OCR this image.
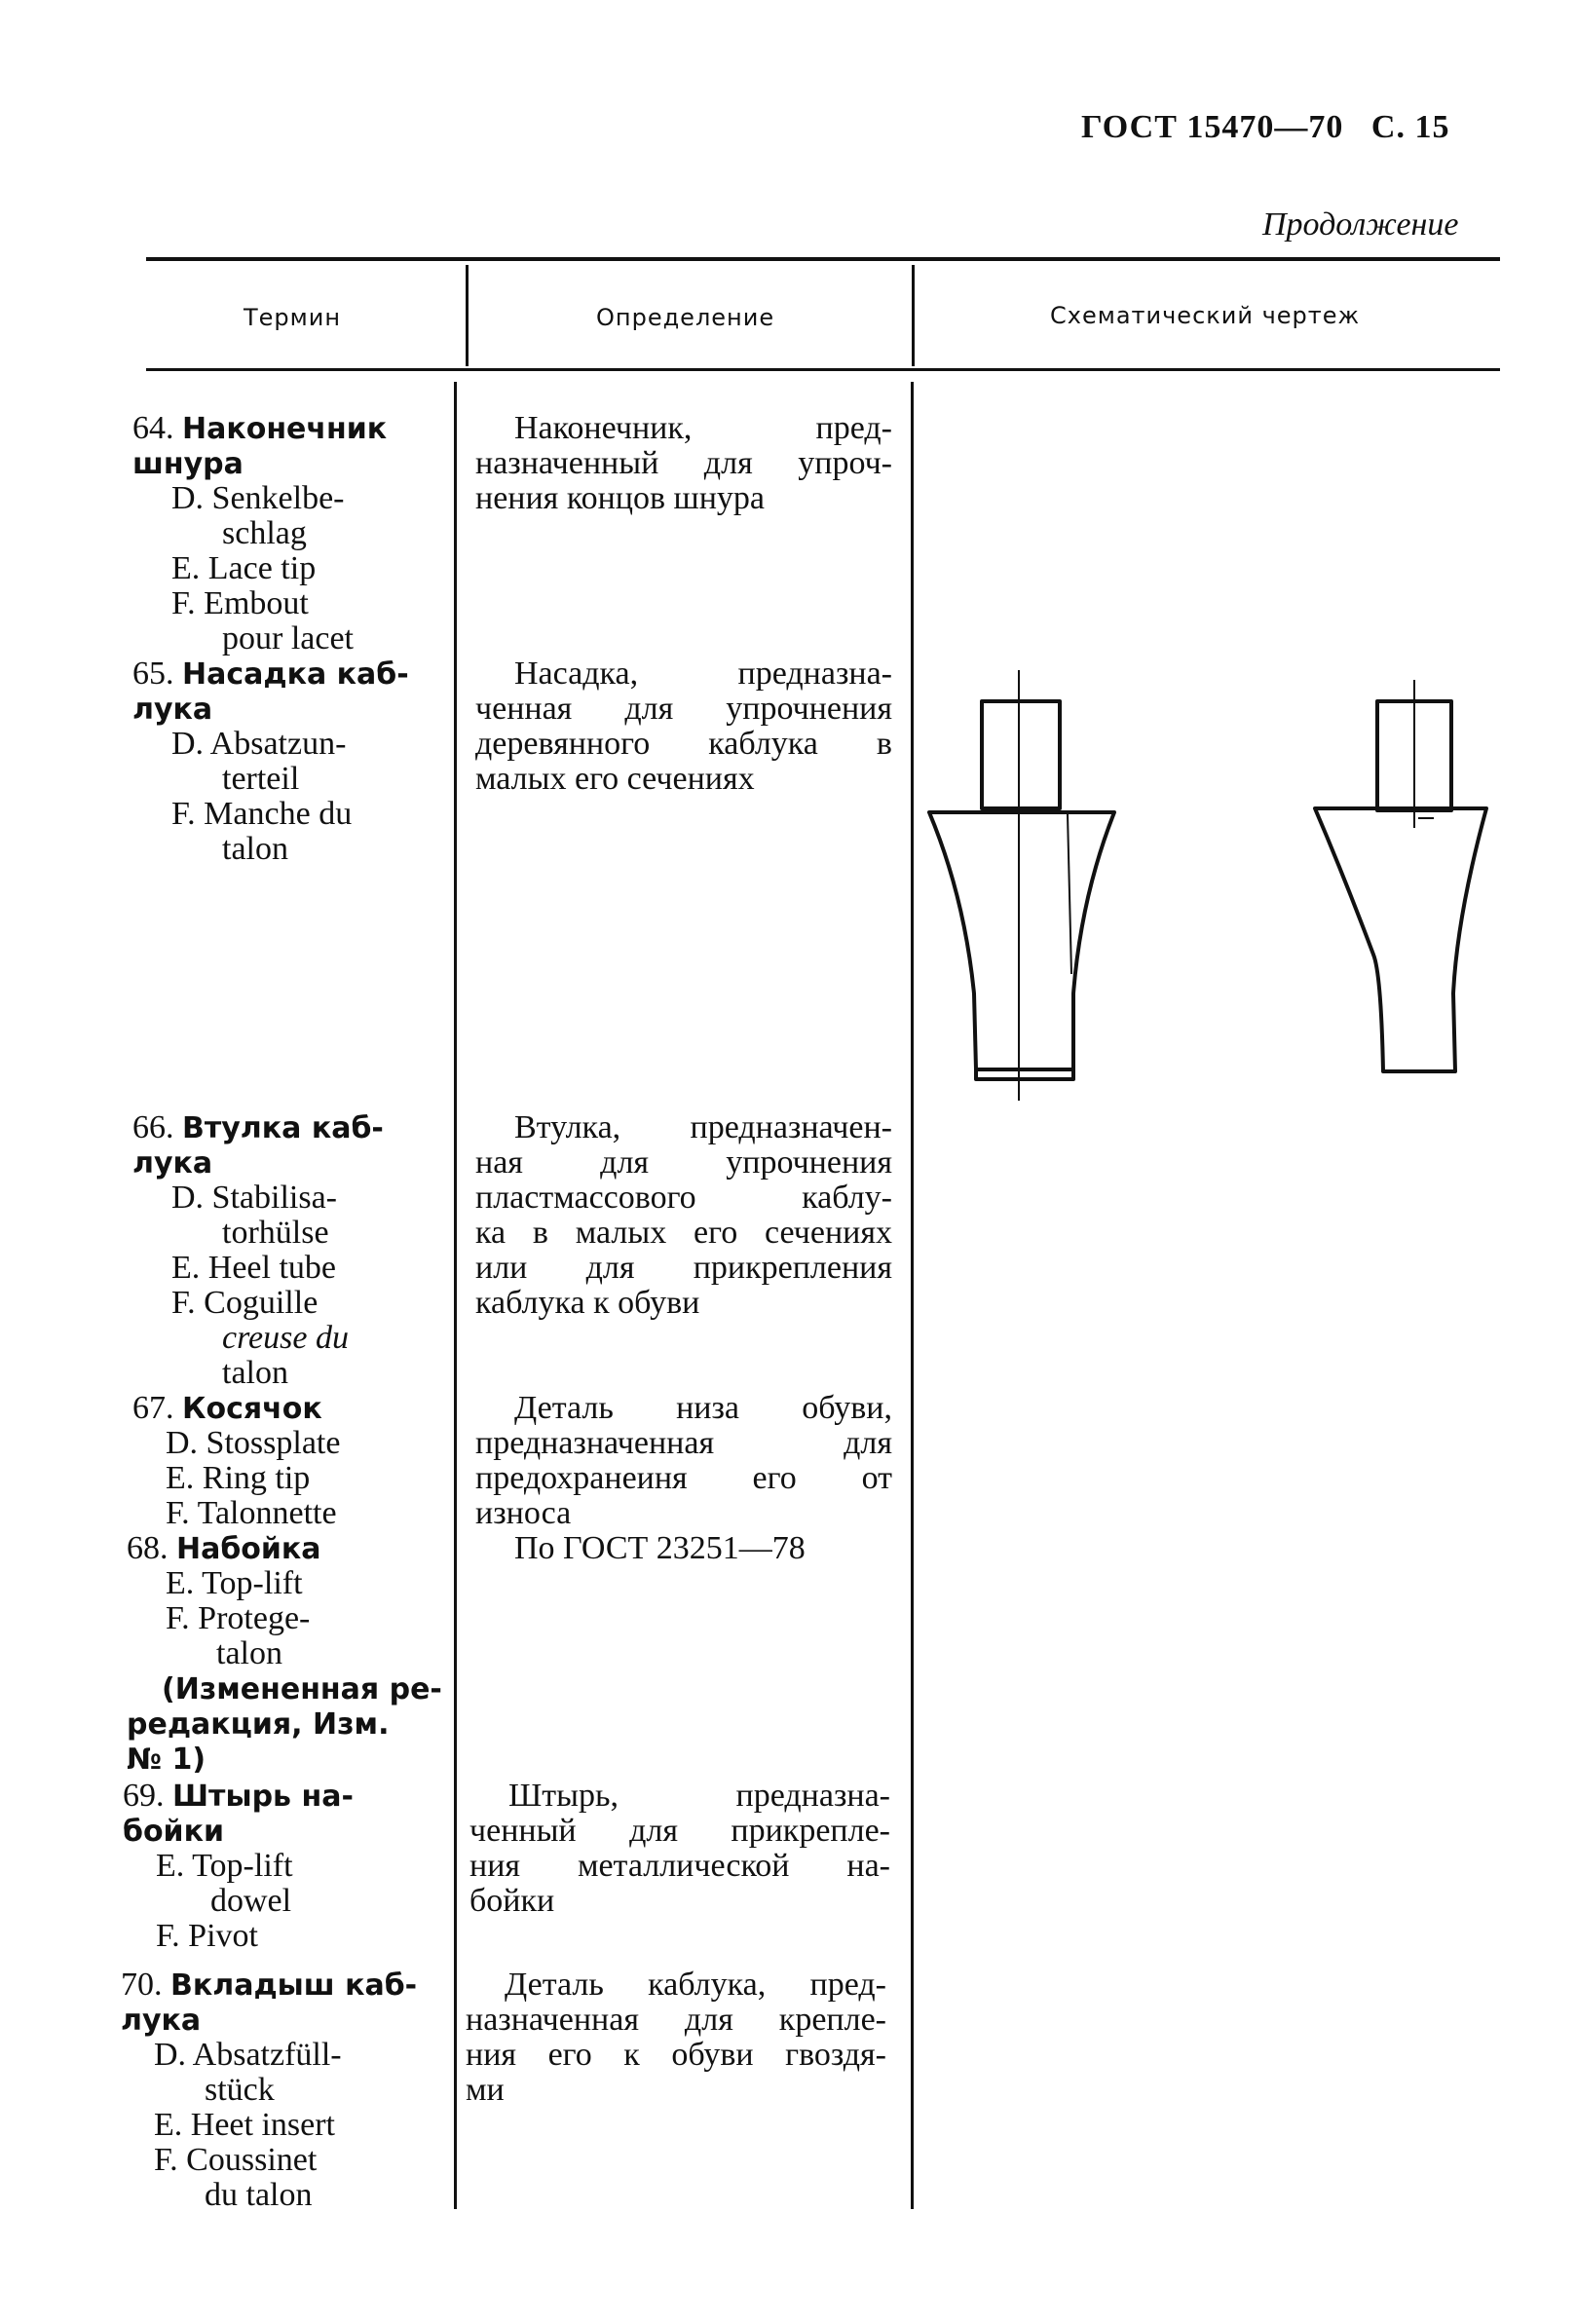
ГОСТ 15470—70 С. 15
Продолжение
Термин	Определение	Схематический чертеж
64. Наконечник
шнура
D. Senkelbe-
schlag
E. Lace tip
F. Embout
pour lacet
Наконечник, пред-
назначенный для упроч-
нения концов шнура
65. Насадка каб-
лука
D. Absatzun-
terteil
F. Manche du
talon
Насадка, предназна-
ченная для упрочнения
деревянного каблука в
малых его сечениях
66. Втулка каб-
лука
D. Stabilisa-
torhülse
E. Heel tube
F. Coguille
creuse du
talon
Втулка, предназначен-
ная для упрочнения
пластмассового каблу-
ка в малых его сечениях
или для прикрепления
каблука к обуви
67. Косячок
D. Stossplate
E. Ring tip
F. Talonnette
Деталь низа обуви,
предназначенная для
предохранеиня его от
износа
68. Набойка
E. Top-lift
F. Protege-
talon
(Измененная ре-
редакция, Изм.
№ 1)
По ГОСТ 23251—78
69. Штырь на-
бойки
E. Top-lift
dowel
F. Pivot
Штырь, предназна-
ченный для прикрепле-
ния металлической на-
бойки
70. Вкладыш каб-
лука
D. Absatzfüll-
stück
E. Heet insert
F. Coussinet
du talon
Деталь каблука, пред-
назначенная для крепле-
ния его к обуви гвоздя-
ми
